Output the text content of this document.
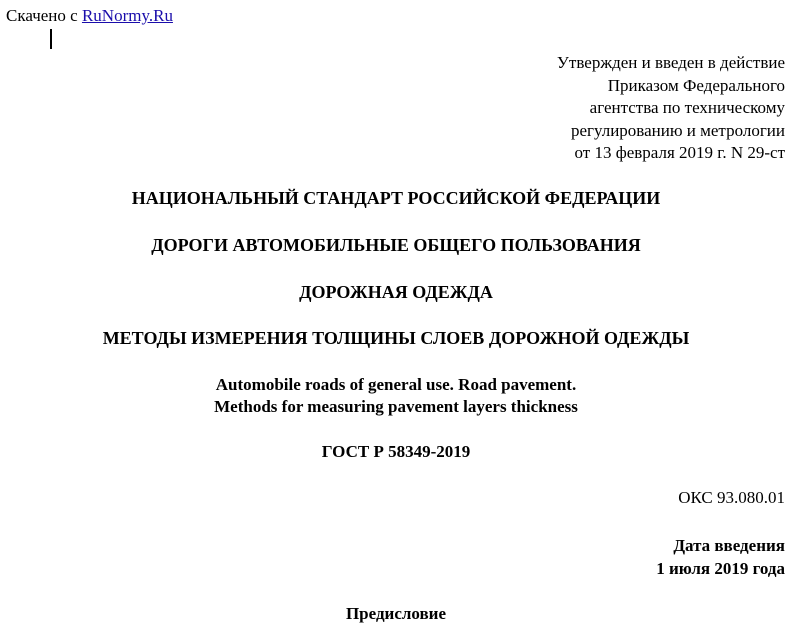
Скачено с RuNormy.Ru
Утвержден и введен в действие
Приказом Федерального
агентства по техническому
регулированию и метрологии
от 13 февраля 2019 г. N 29-ст
НАЦИОНАЛЬНЫЙ СТАНДАРТ РОССИЙСКОЙ ФЕДЕРАЦИИ
ДОРОГИ АВТОМОБИЛЬНЫЕ ОБЩЕГО ПОЛЬЗОВАНИЯ
ДОРОЖНАЯ ОДЕЖДА
МЕТОДЫ ИЗМЕРЕНИЯ ТОЛЩИНЫ СЛОЕВ ДОРОЖНОЙ ОДЕЖДЫ
Automobile roads of general use. Road pavement.
Methods for measuring pavement layers thickness
ГОСТ Р 58349-2019
ОКС 93.080.01
Дата введения
1 июля 2019 года
Предисловие
